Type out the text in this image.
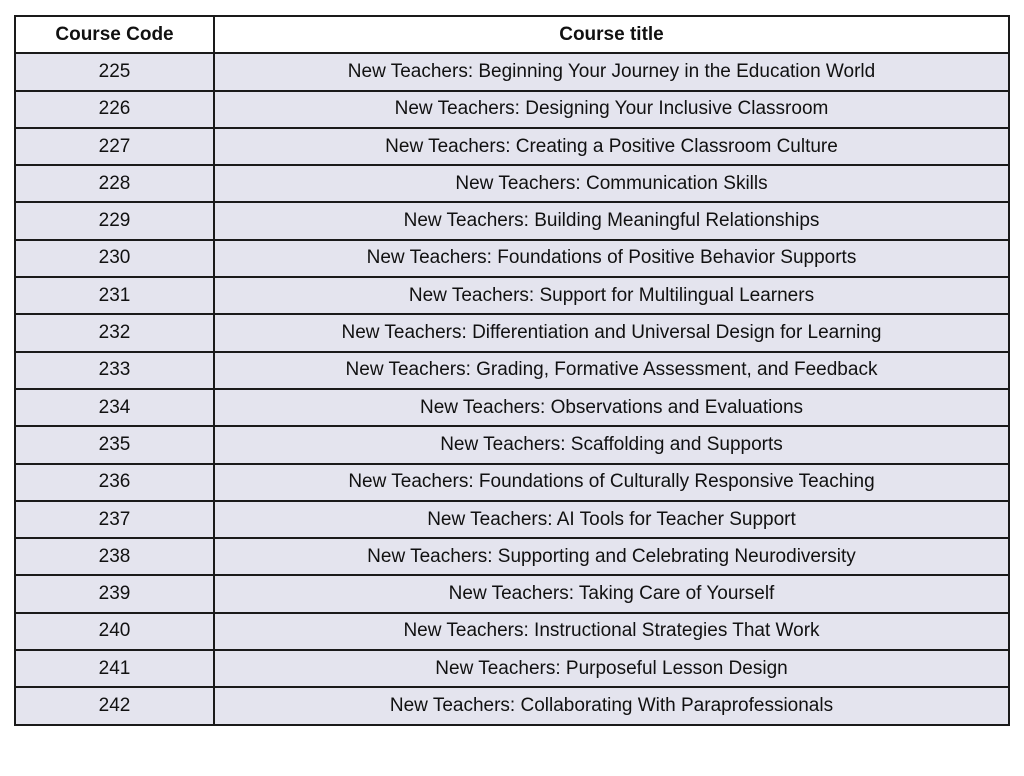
Course Code	Course title
225	New Teachers: Beginning Your Journey in the Education World
226	New Teachers: Designing Your Inclusive Classroom
227	New Teachers: Creating a Positive Classroom Culture
228	New Teachers: Communication Skills
229	New Teachers: Building Meaningful Relationships
230	New Teachers: Foundations of Positive Behavior Supports
231	New Teachers: Support for Multilingual Learners
232	New Teachers: Differentiation and Universal Design for Learning
233	New Teachers: Grading, Formative Assessment, and Feedback
234	New Teachers: Observations and Evaluations
235	New Teachers: Scaffolding and Supports
236	New Teachers: Foundations of Culturally Responsive Teaching
237	New Teachers: AI Tools for Teacher Support
238	New Teachers: Supporting and Celebrating Neurodiversity
239	New Teachers: Taking Care of Yourself
240	New Teachers: Instructional Strategies That Work
241	New Teachers: Purposeful Lesson Design
242	New Teachers: Collaborating With Paraprofessionals
